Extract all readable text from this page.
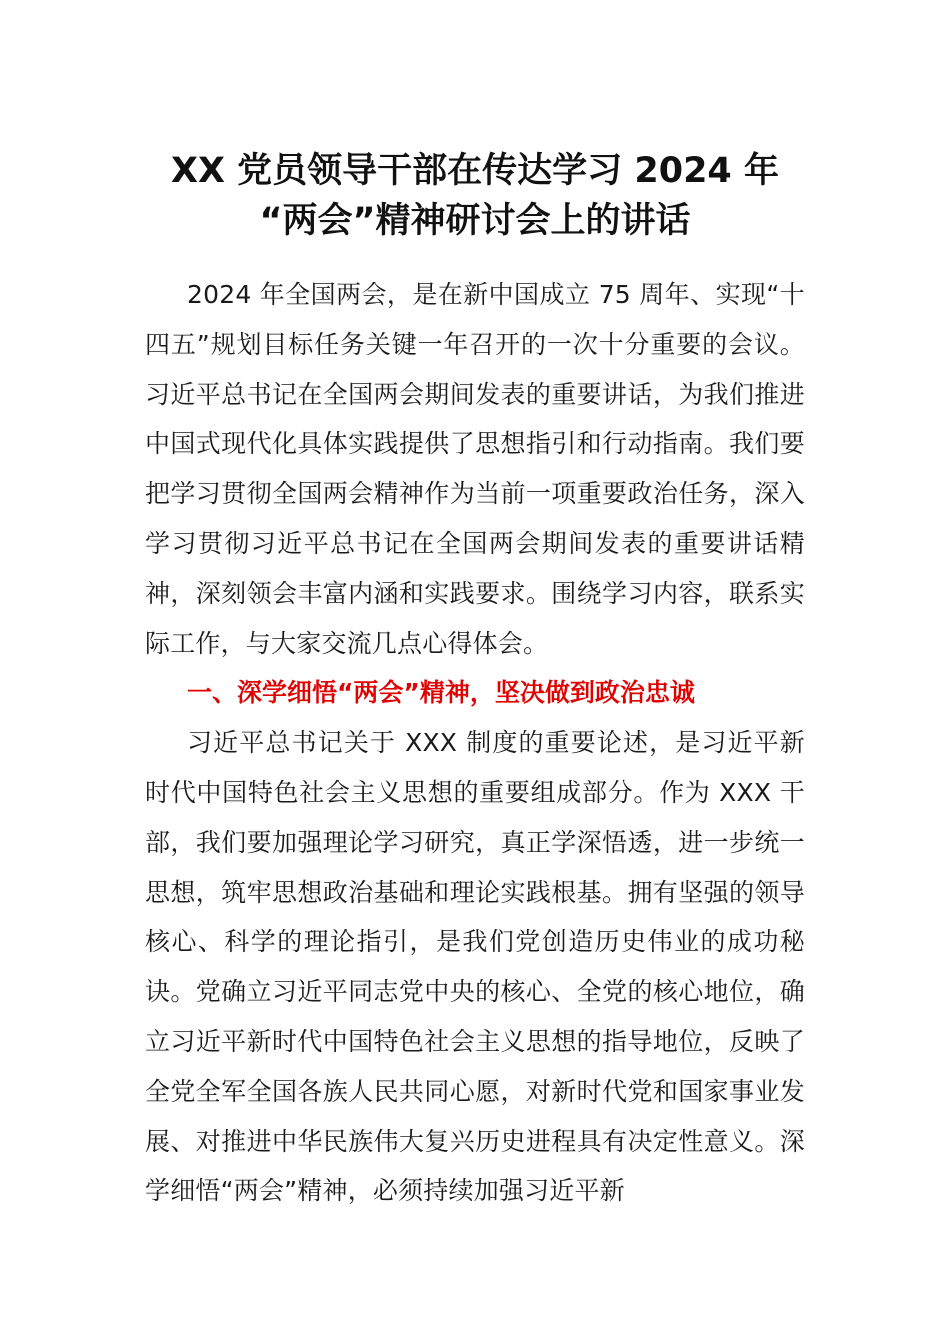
XX 党员领导干部在传达学习 2024 年
“两会”精神研讨会上的讲话

2024 年全国两会，是在新中国成立 75 周年、实现“十四五”规划目标任务关键一年召开的一次十分重要的会议。习近平总书记在全国两会期间发表的重要讲话，为我们推进中国式现代化具体实践提供了思想指引和行动指南。我们要把学习贯彻全国两会精神作为当前一项重要政治任务，深入学习贯彻习近平总书记在全国两会期间发表的重要讲话精神，深刻领会丰富内涵和实践要求。围绕学习内容，联系实际工作，与大家交流几点心得体会。

一、深学细悟“两会”精神，坚决做到政治忠诚

习近平总书记关于 XXX 制度的重要论述，是习近平新时代中国特色社会主义思想的重要组成部分。作为 XXX 干部，我们要加强理论学习研究，真正学深悟透，进一步统一思想，筑牢思想政治基础和理论实践根基。拥有坚强的领导核心、科学的理论指引，是我们党创造历史伟业的成功秘诀。党确立习近平同志党中央的核心、全党的核心地位，确立习近平新时代中国特色社会主义思想的指导地位，反映了全党全军全国各族人民共同心愿，对新时代党和国家事业发展、对推进中华民族伟大复兴历史进程具有决定性意义。深学细悟“两会”精神，必须持续加强习近平新
